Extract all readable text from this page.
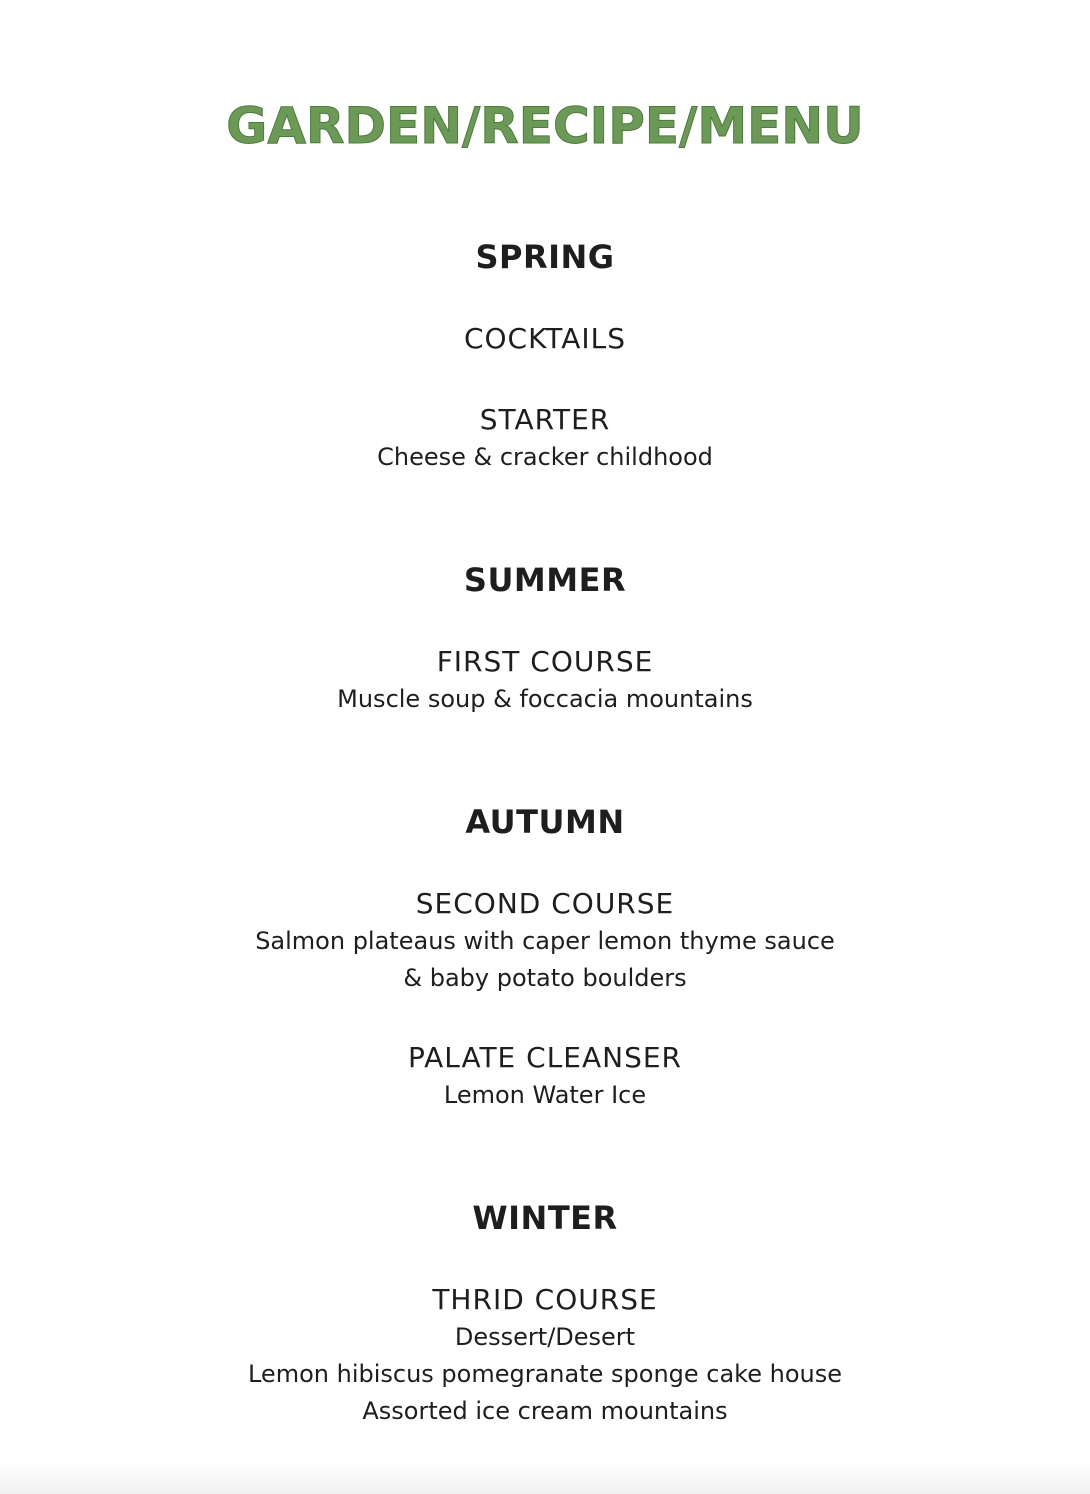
GARDEN/RECIPE/MENU
SPRING
COCKTAILS
STARTER
Cheese & cracker childhood
SUMMER
FIRST COURSE
Muscle soup & foccacia mountains
AUTUMN
SECOND COURSE
Salmon plateaus with caper lemon thyme sauce
& baby potato boulders
PALATE CLEANSER
Lemon Water Ice
WINTER
THRID COURSE
Dessert/Desert
Lemon hibiscus pomegranate sponge cake house
Assorted ice cream mountains
